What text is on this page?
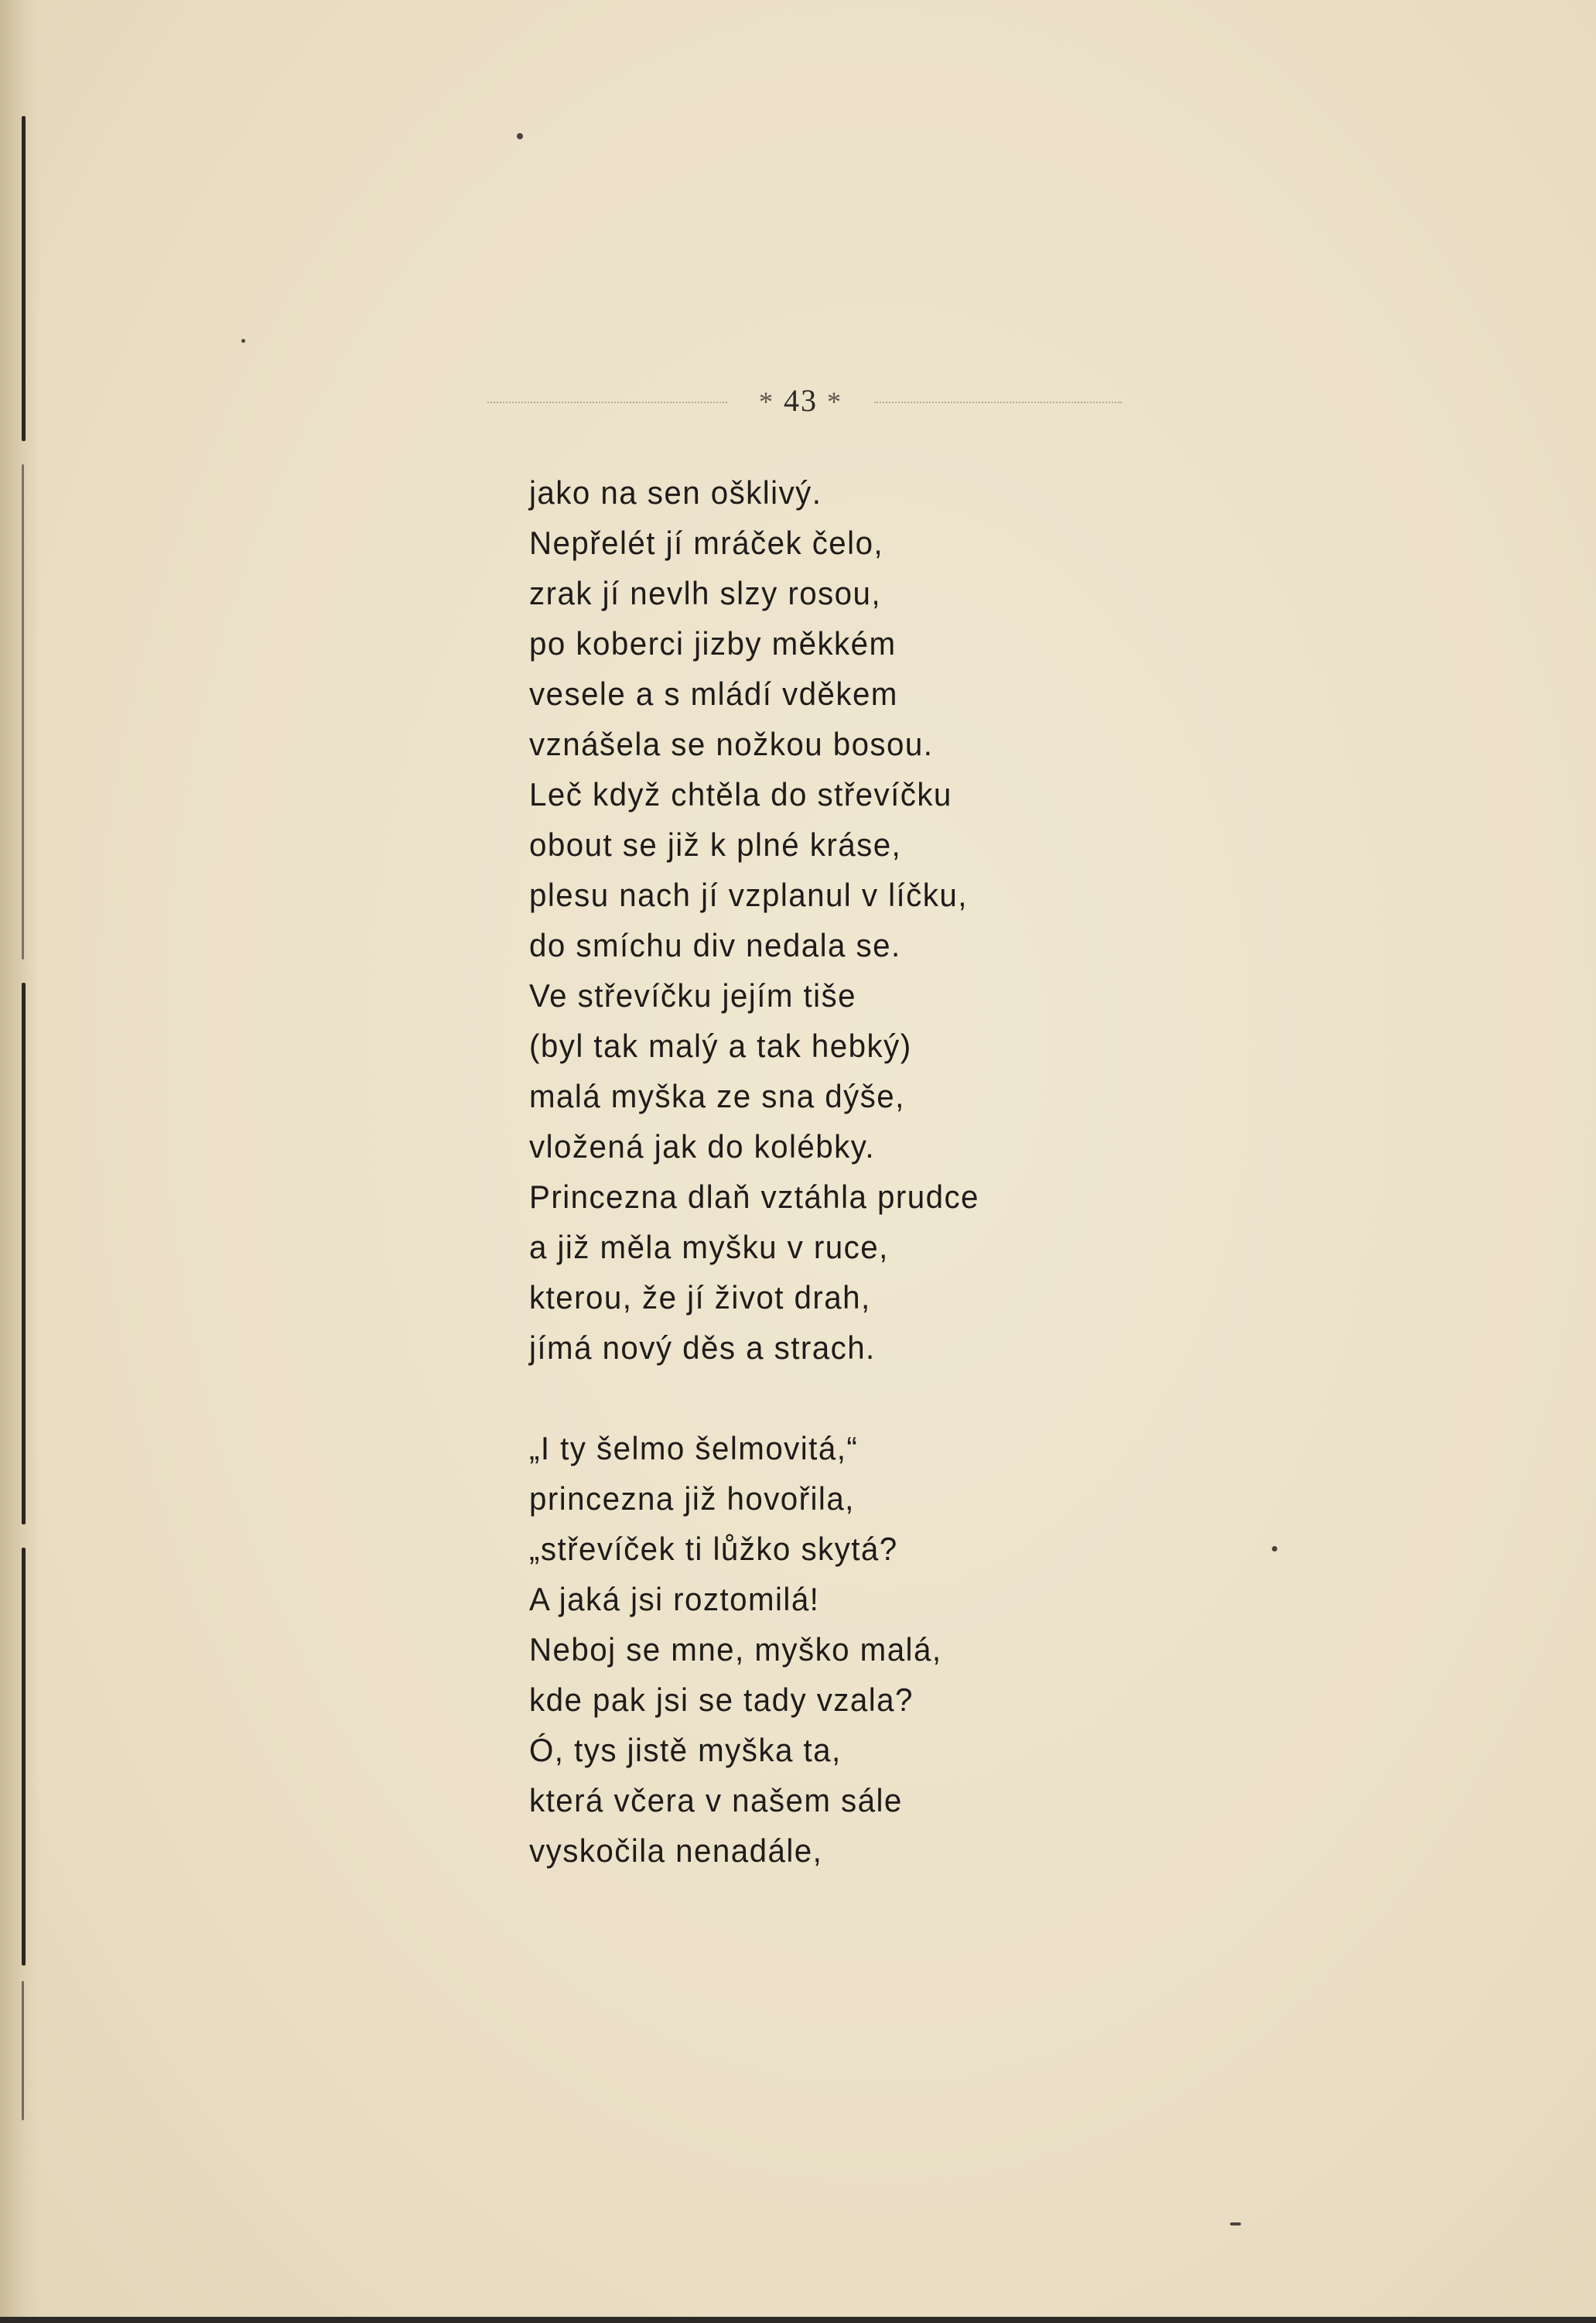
* 43 *
jako na sen ošklivý.
Nepřelét jí mráček čelo,
zrak jí nevlh slzy rosou,
po koberci jizby měkkém
vesele a s mládí vděkem
vznášela se nožkou bosou.
Leč když chtěla do střevíčku
obout se již k plné kráse,
plesu nach jí vzplanul v líčku,
do smíchu div nedala se.
Ve střevíčku jejím tiše
(byl tak malý a tak hebký)
malá myška ze sna dýše,
vložená jak do kolébky.
Princezna dlaň vztáhla prudce
a již měla myšku v ruce,
kterou, že jí život drah,
jímá nový děs a strach.
„I ty šelmo šelmovitá,“
princezna již hovořila,
„střevíček ti lůžko skytá?
A jaká jsi roztomilá!
Neboj se mne, myško malá,
kde pak jsi se tady vzala?
Ó, tys jistě myška ta,
která včera v našem sále
vyskočila nenadále,
